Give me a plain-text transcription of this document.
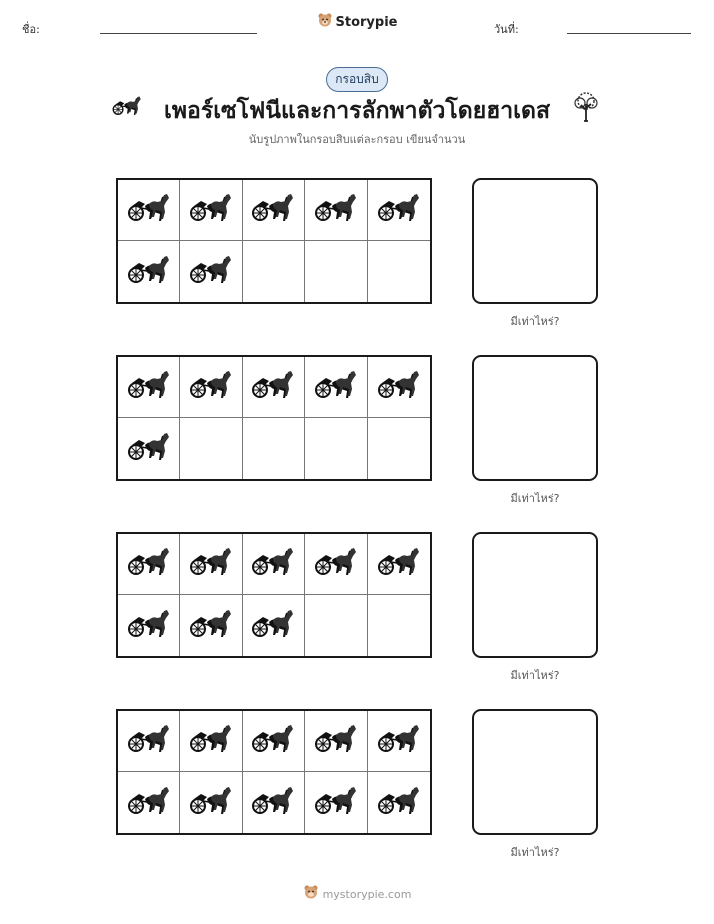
ชื่อ:	วันที่:
Storypie
กรอบสิบ
เพอร์เซโฟนีและการลักพาตัวโดยฮาเดส
นับรูปภาพในกรอบสิบแต่ละกรอบ เขียนจำนวน
มีเท่าไหร่?
มีเท่าไหร่?
มีเท่าไหร่?
มีเท่าไหร่?
mystorypie.com
